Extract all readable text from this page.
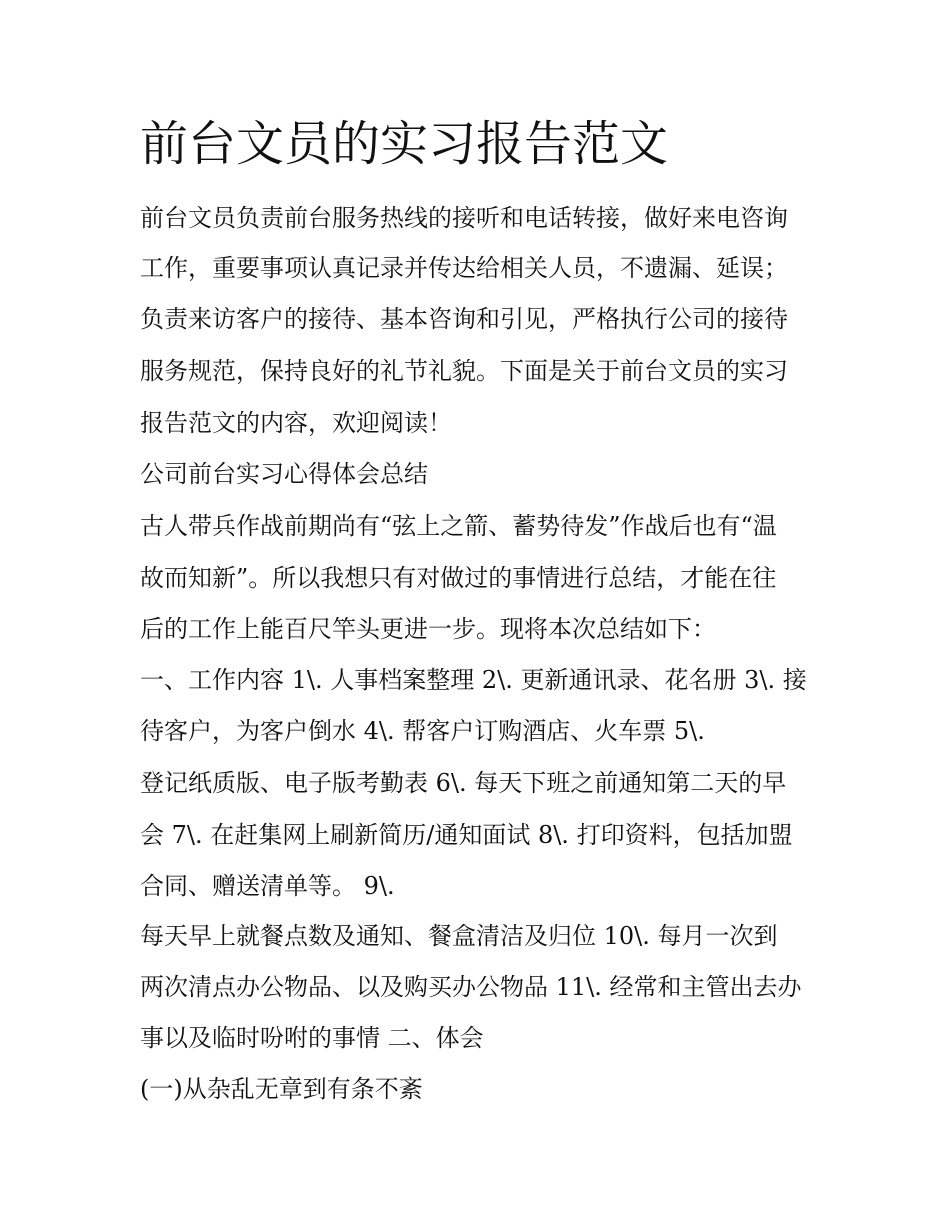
前台文员的实习报告范文

前台文员负责前台服务热线的接听和电话转接，做好来电咨询

工作，重要事项认真记录并传达给相关人员，不遗漏、延误；

负责来访客户的接待、基本咨询和引见，严格执行公司的接待

服务规范，保持良好的礼节礼貌。下面是关于前台文员的实习

报告范文的内容，欢迎阅读！

公司前台实习心得体会总结

古人带兵作战前期尚有“弦上之箭、蓄势待发”作战后也有“温

故而知新”。所以我想只有对做过的事情进行总结，才能在往

后的工作上能百尺竿头更进一步。现将本次总结如下：

一、工作内容 1\. 人事档案整理 2\. 更新通讯录、花名册 3\. 接

待客户，为客户倒水 4\. 帮客户订购酒店、火车票 5\.

登记纸质版、电子版考勤表 6\. 每天下班之前通知第二天的早

会 7\. 在赶集网上刷新简历/通知面试 8\. 打印资料，包括加盟

合同、赠送清单等。 9\.

每天早上就餐点数及通知、餐盒清洁及归位 10\. 每月一次到

两次清点办公物品、以及购买办公物品 11\. 经常和主管出去办

事以及临时吩咐的事情 二、体会

(一)从杂乱无章到有条不紊
